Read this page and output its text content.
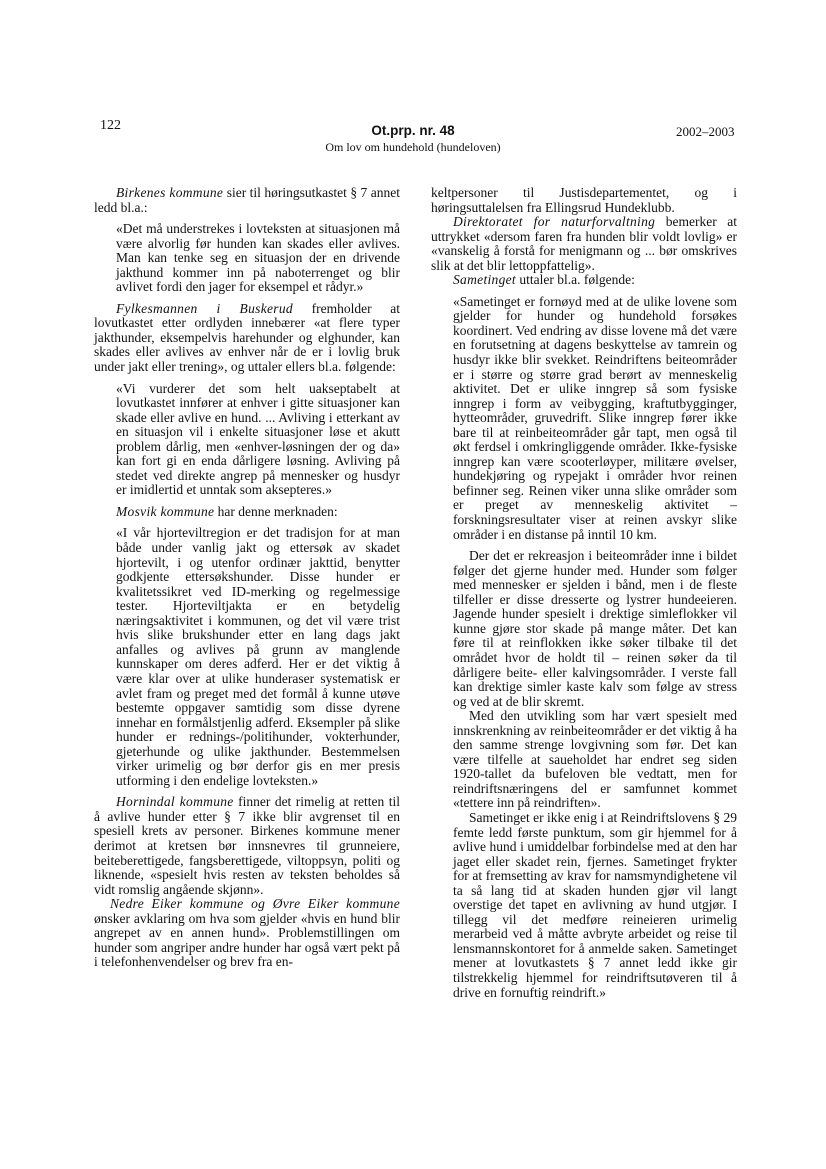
122	Ot.prp. nr. 48
Om lov om hundehold (hundeloven)
2002–2003

Birkenes kommune sier til høringsutkastet § 7 annet ledd bl.a.:

«Det må understrekes i lovteksten at situasjonen må være alvorlig før hunden kan skades eller avlives. Man kan tenke seg en situasjon der en drivende jakthund kommer inn på naboterrenget og blir avlivet fordi den jager for eksempel et rådyr.»

Fylkesmannen i Buskerud fremholder at lovutkastet etter ordlyden innebærer «at flere typer jakthunder, eksempelvis harehunder og elghunder, kan skades eller avlives av enhver når de er i lovlig bruk under jakt eller trening», og uttaler ellers bl.a. følgende:

«Vi vurderer det som helt uakseptabelt at lovutkastet innfører at enhver i gitte situasjoner kan skade eller avlive en hund. ... Avliving i etterkant av en situasjon vil i enkelte situasjoner løse et akutt problem dårlig, men «enhver-løsningen der og da» kan fort gi en enda dårligere løsning. Avliving på stedet ved direkte angrep på mennesker og husdyr er imidlertid et unntak som aksepteres.»

Mosvik kommune har denne merknaden:

«I vår hjorteviltregion er det tradisjon for at man både under vanlig jakt og ettersøk av skadet hjortevilt, i og utenfor ordinær jakttid, benytter godkjente ettersøkshunder. Disse hunder er kvalitetssikret ved ID-merking og regelmessige tester. Hjorteviltjakta er en betydelig næringsaktivitet i kommunen, og det vil være trist hvis slike brukshunder etter en lang dags jakt anfalles og avlives på grunn av manglende kunnskaper om deres adferd. Her er det viktig å være klar over at ulike hunderaser systematisk er avlet fram og preget med det formål å kunne utøve bestemte oppgaver samtidig som disse dyrene innehar en formålstjenlig adferd. Eksempler på slike hunder er rednings-/politihunder, vokterhunder, gjeterhunde og ulike jakthunder. Bestemmelsen virker urimelig og bør derfor gis en mer presis utforming i den endelige lovteksten.»

Hornindal kommune finner det rimelig at retten til å avlive hunder etter § 7 ikke blir avgrenset til en spesiell krets av personer. Birkenes kommune mener derimot at kretsen bør innsnevres til grunneiere, beiteberettigede, fangsberettigede, viltoppsyn, politi og liknende, «spesielt hvis resten av teksten beholdes så vidt romslig angående skjønn».

Nedre Eiker kommune og Øvre Eiker kommune ønsker avklaring om hva som gjelder «hvis en hund blir angrepet av en annen hund». Problemstillingen om hunder som angriper andre hunder har også vært pekt på i telefonhenvendelser og brev fra en-

keltpersoner til Justisdepartementet, og i høringsuttalelsen fra Ellingsrud Hundeklubb.

Direktoratet for naturforvaltning bemerker at uttrykket «dersom faren fra hunden blir voldt lovlig» er «vanskelig å forstå for menigmann og ... bør omskrives slik at det blir lettoppfattelig».

Sametinget uttaler bl.a. følgende:

«Sametinget er fornøyd med at de ulike lovene som gjelder for hunder og hundehold forsøkes koordinert. Ved endring av disse lovene må det være en forutsetning at dagens beskyttelse av tamrein og husdyr ikke blir svekket. Reindriftens beiteområder er i større og større grad berørt av menneskelig aktivitet. Det er ulike inngrep så som fysiske inngrep i form av veibygging, kraftutbygginger, hytteområder, gruvedrift. Slike inngrep fører ikke bare til at reinbeiteområder går tapt, men også til økt ferdsel i omkringliggende områder. Ikke-fysiske inngrep kan være scooterløyper, militære øvelser, hundekjøring og rypejakt i områder hvor reinen befinner seg. Reinen viker unna slike områder som er preget av menneskelig aktivitet – forskningsresultater viser at reinen avskyr slike områder i en distanse på inntil 10 km.

Der det er rekreasjon i beiteområder inne i bildet følger det gjerne hunder med. Hunder som følger med mennesker er sjelden i bånd, men i de fleste tilfeller er disse dresserte og lystrer hundeeieren. Jagende hunder spesielt i drektige simleflokker vil kunne gjøre stor skade på mange måter. Det kan føre til at reinflokken ikke søker tilbake til det området hvor de holdt til – reinen søker da til dårligere beite- eller kalvingsområder. I verste fall kan drektige simler kaste kalv som følge av stress og ved at de blir skremt.

Med den utvikling som har vært spesielt med innskrenkning av reinbeiteområder er det viktig å ha den samme strenge lovgivning som før. Det kan være tilfelle at saueholdet har endret seg siden 1920-tallet da bufeloven ble vedtatt, men for reindriftsnæringens del er samfunnet kommet «tettere inn på reindriften».

Sametinget er ikke enig i at Reindriftslovens § 29 femte ledd første punktum, som gir hjemmel for å avlive hund i umiddelbar forbindelse med at den har jaget eller skadet rein, fjernes. Sametinget frykter for at fremsetting av krav for namsmyndighetene vil ta så lang tid at skaden hunden gjør vil langt overstige det tapet en avlivning av hund utgjør. I tillegg vil det medføre reineieren urimelig merarbeid ved å måtte avbryte arbeidet og reise til lensmannskontoret for å anmelde saken. Sametinget mener at lovutkastets § 7 annet ledd ikke gir tilstrekkelig hjemmel for reindriftsutøveren til å drive en fornuftig reindrift.»
